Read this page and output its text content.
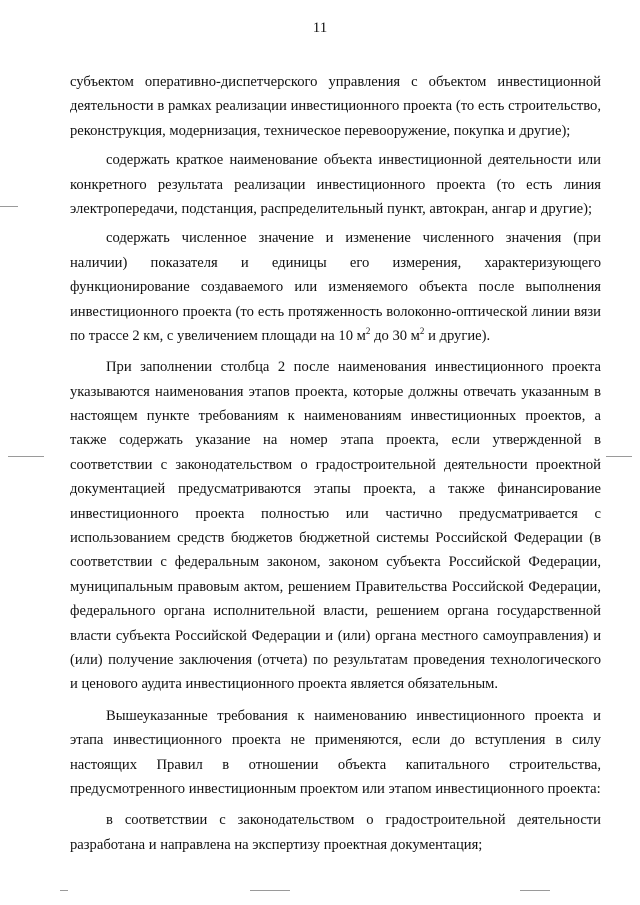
11
субъектом оперативно-диспетчерского управления с объектом инвестиционной
деятельности в рамках реализации инвестиционного проекта (то есть строительство,
реконструкция, модернизация, техническое перевооружение, покупка и другие);
содержать краткое наименование объекта инвестиционной деятельности или
конкретного результата реализации инвестиционного проекта (то есть линия
электропередачи, подстанция, распределительный пункт, автокран, ангар и другие);
содержать численное значение и изменение численного значения (при
наличии) показателя и единицы его измерения, характеризующего
функционирование создаваемого или изменяемого объекта после выполнения
инвестиционного проекта (то есть протяженность волоконно-оптической линии вязи
по трассе 2 км, с увеличением площади на 10 $м^2$ до 30 $м^2$ и другие).
При заполнении столбца 2 после наименования инвестиционного проекта
указываются наименования этапов проекта, которые должны отвечать указанным в
настоящем пункте требованиям к наименованиям инвестиционных проектов, а
также содержать указание на номер этапа проекта, если утвержденной в
соответствии с законодательством о градостроительной деятельности проектной
документацией предусматриваются этапы проекта, а также финансирование
инвестиционного проекта полностью или частично предусматривается с
использованием средств бюджетов бюджетной системы Российской Федерации (в
соответствии с федеральным законом, законом субъекта Российской Федерации,
муниципальным правовым актом, решением Правительства Российской Федерации,
федерального органа исполнительной власти, решением органа государственной
власти субъекта Российской Федерации и (или) органа местного самоуправления) и
(или) получение заключения (отчета) по результатам проведения технологического
и ценового аудита инвестиционного проекта является обязательным.
Вышеуказанные требования к наименованию инвестиционного проекта и
этапа инвестиционного проекта не применяются, если до вступления в силу
настоящих Правил в отношении объекта капитального строительства,
предусмотренного инвестиционным проектом или этапом инвестиционного проекта:
в соответствии с законодательством о градостроительной деятельности
разработана и направлена на экспертизу проектная документация;
